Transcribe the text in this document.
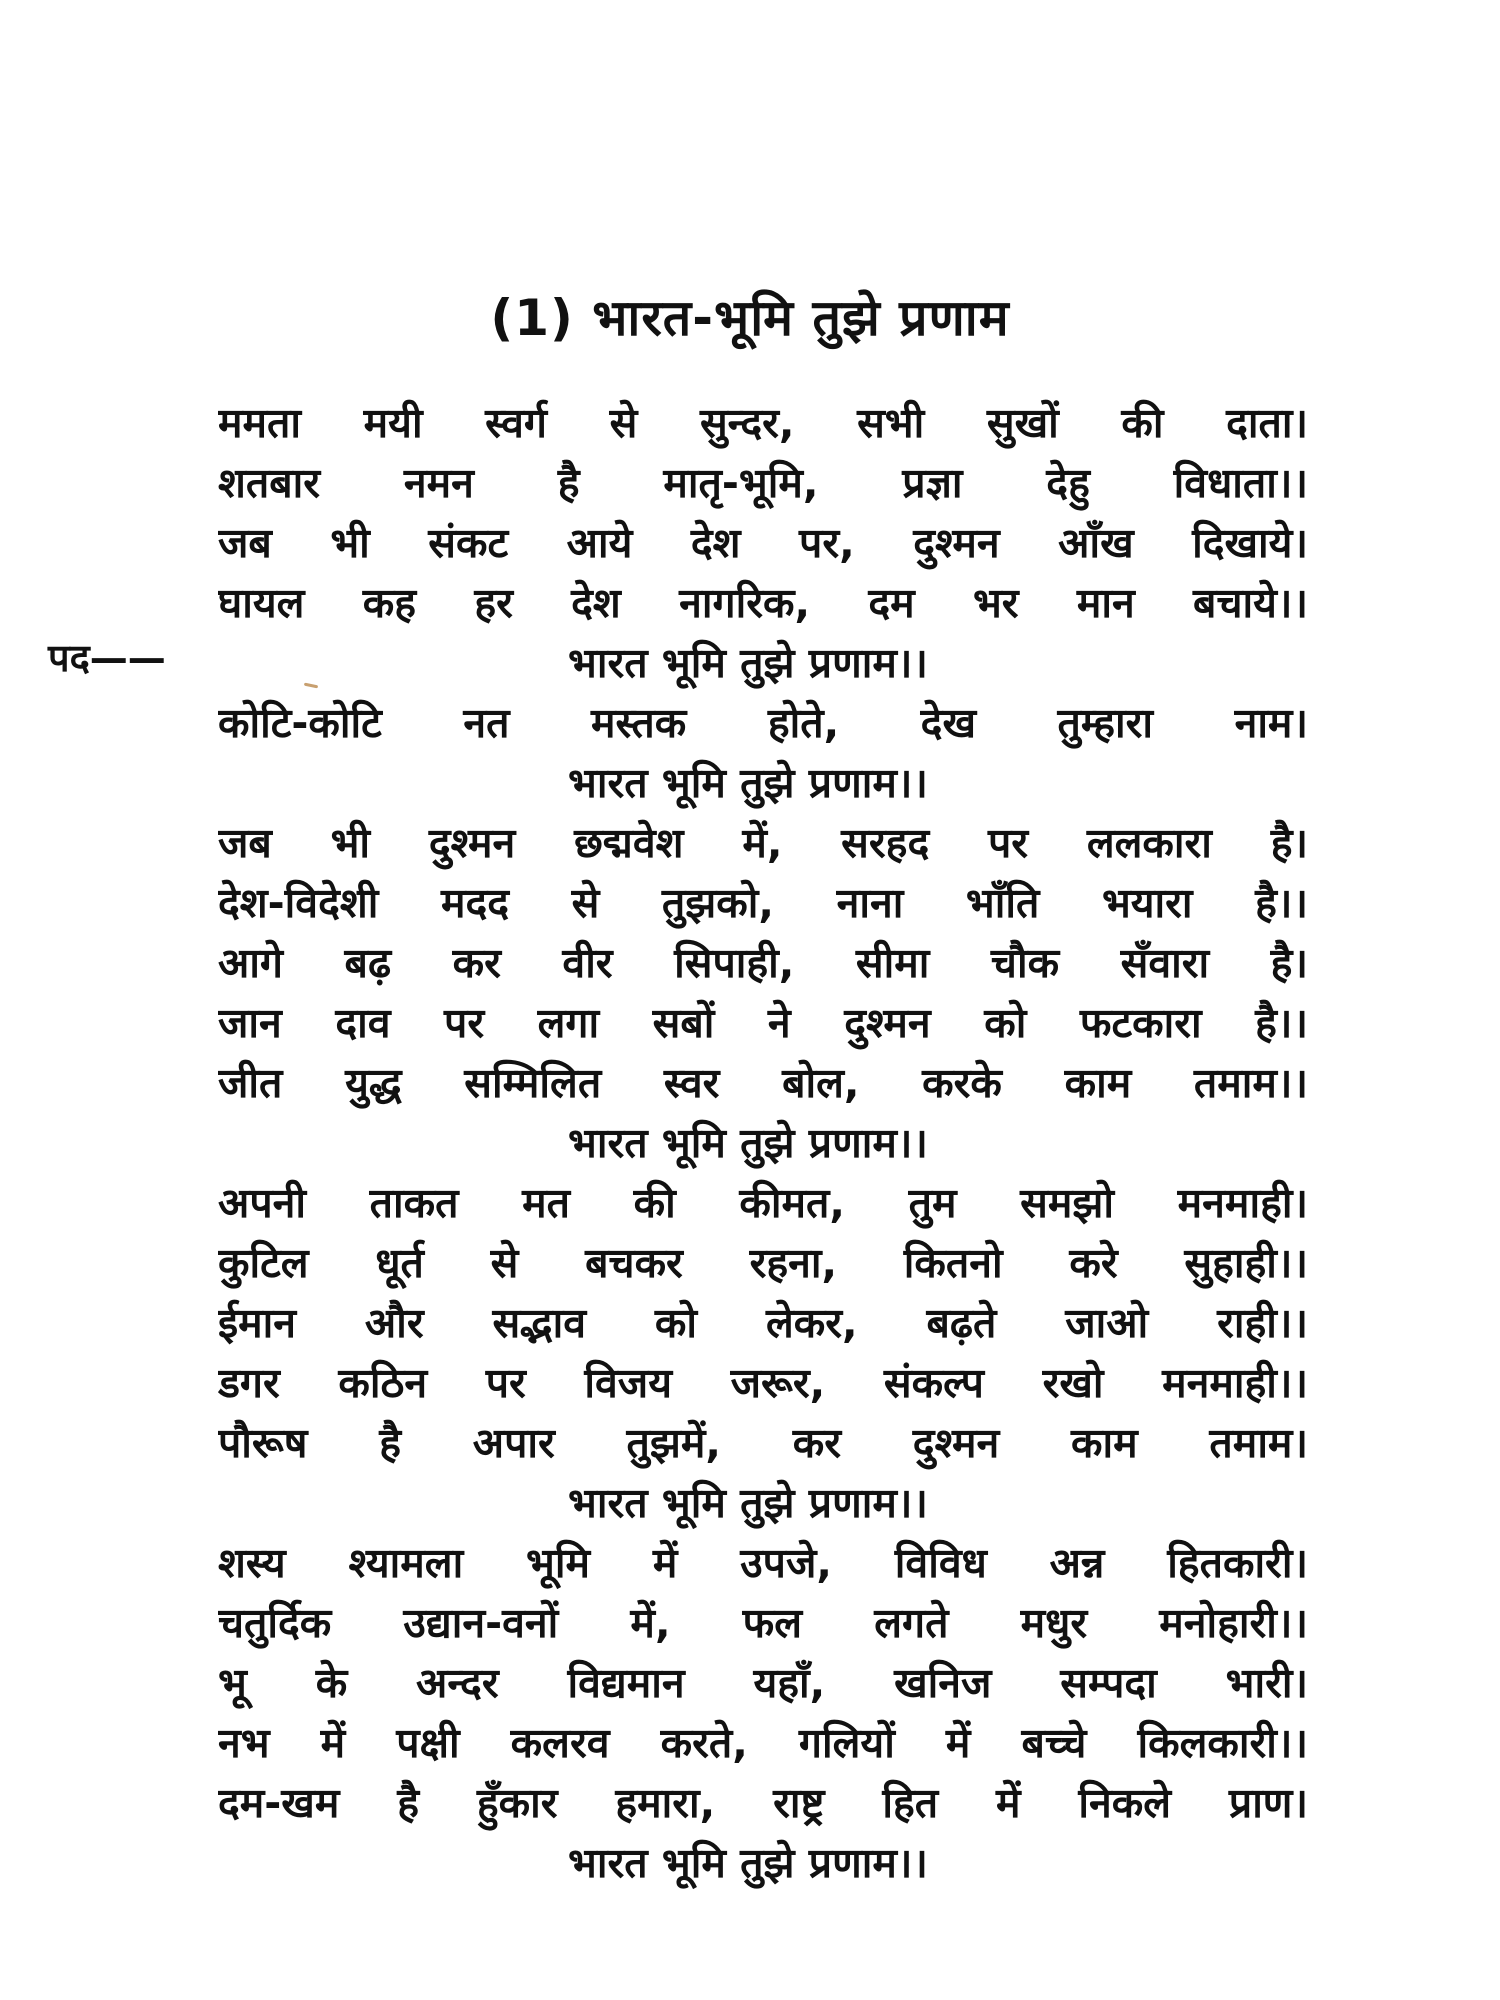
(1) भारत-भूमि तुझे प्रणाम
पद——
ममता मयी स्वर्ग से सुन्दर, सभी सुखों की दाता।
शतबार नमन है मातृ-भूमि, प्रज्ञा देहु विधाता।।
जब भी संकट आये देश पर, दुश्मन आँख दिखाये।
घायल कह हर देश नागरिक, दम भर मान बचाये।।
भारत भूमि तुझे प्रणाम।।
कोटि-कोटि नत मस्तक होते, देख तुम्हारा नाम।
भारत भूमि तुझे प्रणाम।।
जब भी दुश्मन छद्मवेश में, सरहद पर ललकारा है।
देश-विदेशी मदद से तुझको, नाना भाँति भयारा है।।
आगे बढ़ कर वीर सिपाही, सीमा चौक सँवारा है।
जान दाव पर लगा सबों ने दुश्मन को फटकारा है।।
जीत युद्ध सम्मिलित स्वर बोल, करके काम तमाम।।
भारत भूमि तुझे प्रणाम।।
अपनी ताकत मत की कीमत, तुम समझो मनमाही।
कुटिल धूर्त से बचकर रहना, कितनो करे सुहाही।।
ईमान और सद्भाव को लेकर, बढ़ते जाओ राही।।
डगर कठिन पर विजय जरूर, संकल्प रखो मनमाही।।
पौरूष है अपार तुझमें, कर दुश्मन काम तमाम।
भारत भूमि तुझे प्रणाम।।
शस्य श्यामला भूमि में उपजे, विविध अन्न हितकारी।
चतुर्दिक उद्यान-वनों में, फल लगते मधुर मनोहारी।।
भू के अन्दर विद्यमान यहाँ, खनिज सम्पदा भारी।
नभ में पक्षी कलरव करते, गलियों में बच्चे किलकारी।।
दम-खम है हुँकार हमारा, राष्ट्र हित में निकले प्राण।
भारत भूमि तुझे प्रणाम।।
